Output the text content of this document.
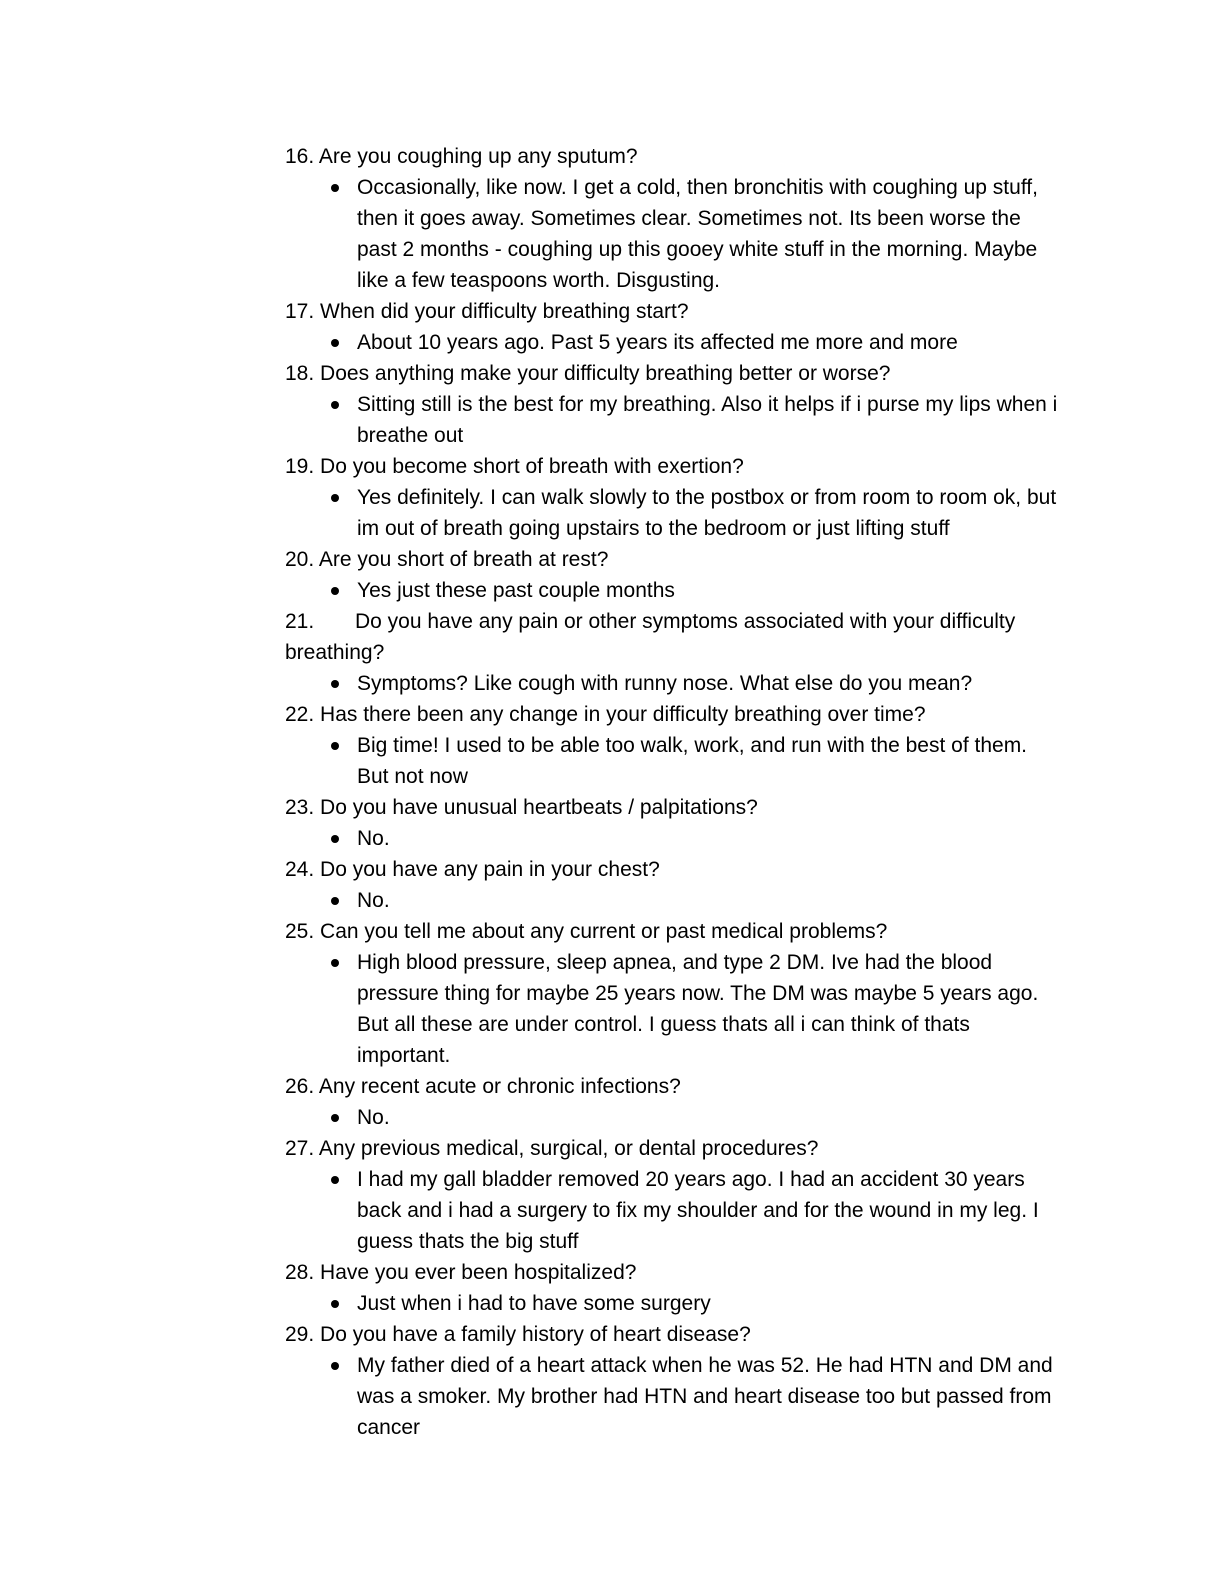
16. Are you coughing up any sputum?

Occasionally, like now. I get a cold, then bronchitis with coughing up stuff, then it goes away. Sometimes clear. Sometimes not. Its been worse the past 2 months - coughing up this gooey white stuff in the morning. Maybe like a few teaspoons worth. Disgusting.

17. When did your difficulty breathing start?

About 10 years ago. Past 5 years its affected me more and more

18. Does anything make your difficulty breathing better or worse?

Sitting still is the best for my breathing. Also it helps if i purse my lips when i breathe out

19. Do you become short of breath with exertion?

Yes definitely. I can walk slowly to the postbox or from room to room ok, but im out of breath going upstairs to the bedroom or just lifting stuff

20. Are you short of breath at rest?

Yes just these past couple months

21. Do you have any pain or other symptoms associated with your difficulty breathing?

Symptoms? Like cough with runny nose. What else do you mean?

22. Has there been any change in your difficulty breathing over time?

Big time! I used to be able too walk, work, and run with the best of them. But not now

23. Do you have unusual heartbeats / palpitations?

No.

24. Do you have any pain in your chest?

No.

25. Can you tell me about any current or past medical problems?

High blood pressure, sleep apnea, and type 2 DM. Ive had the blood pressure thing for maybe 25 years now. The DM was maybe 5 years ago. But all these are under control. I guess thats all i can think of thats important.

26. Any recent acute or chronic infections?

No.

27. Any previous medical, surgical, or dental procedures?

I had my gall bladder removed 20 years ago. I had an accident 30 years back and i had a surgery to fix my shoulder and for the wound in my leg. I guess thats the big stuff

28. Have you ever been hospitalized?

Just when i had to have some surgery

29. Do you have a family history of heart disease?

My father died of a heart attack when he was 52. He had HTN and DM and was a smoker. My brother had HTN and heart disease too but passed from cancer
